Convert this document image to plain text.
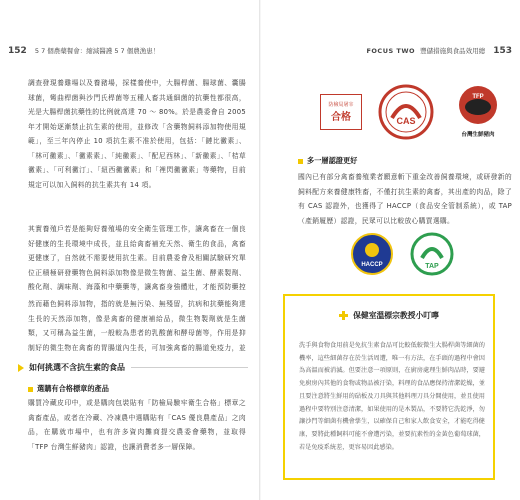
152 5 7 個農藥餐會：縮減醫護 5 7 個農漁患！
調查發現養雞場以及養豬場，採樣養使中，大腸桿菌、腸球菌、囊腸球菌，彎曲桿菌與沙門氏桿菌等五種人畜共通細菌的抗藥性都很高，光是大腸桿菌抗藥性的比例就高達 70 ～ 80%。於是農委會自 2005 年才開始逐漸禁止抗生素的使用，並修改「含藥物飼料添加物使用規範」，至三年內停止 10 項抗生素不准於使用，包括：「鏈比黴素」、「林可黴素」、「黴素素」、「純黴素」、「配尼西林」、「新黴素」、「桔草黴素」、「可利黴汀」、「紐西黴黴素」和「裡閃黴黴素」等藥物，目前規定可以加入飼料的抗生素共有 14 項。
其實養殖戶若是能夠好養殖場的安全衛生管理工作，讓禽畜在一個良好健康的生長環境中成長，並且給禽畜補充天然、衛生的食品，禽畜更健康了，自然就不需要使用抗生素。目前農委會及相關試驗研究單位正積極研發藥物色飼料添加物像是微生物菌、益生菌、酵素製劑、酸化劑、調味劑、海藻和中藥藥等，讓禽畜身強體壯，才能預防藥控
然而藉色飼料添加物，指的就是無污染、無殘留，抗病和抗藥能夠達生長的天然添加物，像是禽畜的健康補給品，微生物製劑就是生菌類，又可稱為益生菌，一般較為患者的乳酸菌和酵母菌等，作用是抑制好的微生物在禽畜的胃腸道內生長，可加強禽畜的腸道免疫力，並
如何挑選不含抗生素的食品
選購有合格標章的產品
購買冷藏皮印中，或是購肉包裝貼有「防檢局驗牢衛生合格」標章之禽畜產品，或者在冷藏、冷凍農中選購貼有「CAS 優良農產品」之肉品，在購就市場中，也有許多資肉攤商提交農委會藥物，並取得「TFP 台灣生鮮豬肉」認證，也讓消費者多一層保障。
FOCUS TWO 豐儲措施與食品效用總 153
防檢局屠宰
合格	CAS
TFP
台灣生鮮豬肉
多一層認證更好
國內已有部分禽畜養殖業者願意斬下重金改善飼養環境，或研發新的飼料配方來養健康牲畜，不僅打抗生素的禽畜，其出產的肉品，除了有 CAS 認證外，也獲得了 HACCP（食品安全管制系統），或 TAP（產銷履歷）認證，民眾可以比較放心購買選購。
HACCP	TAP
保健室溫標宗教授小叮嚀
洗手與食物食用前是免抗生素食品可比較低較微生大腸桿菌等細菌的機率，這些細菌存在於生活周遭，唯一有方法，在手頭的過程中會因為高溫而被消滅。但要注意一項原則，在廚房處理生鮮肉品時，要避免廚房內其他的食物或物品被汙染，料理的食品應保持清潔乾燥，並且要注意將生鮮用的砧板及刀具與其他料理刀具分開使用，並且使用過程中要特別注意清潔，如果使用的是木製品，不要將它洗乾淨，勿讓沙門等細菌有機會孳生，以確保自己和家人飲食安全，才能吃得健康，要將此種飼料可能不會遭污染，並要抗素性的金黃色葡萄球菌，若是免疫系統差，更容易因此感染。
